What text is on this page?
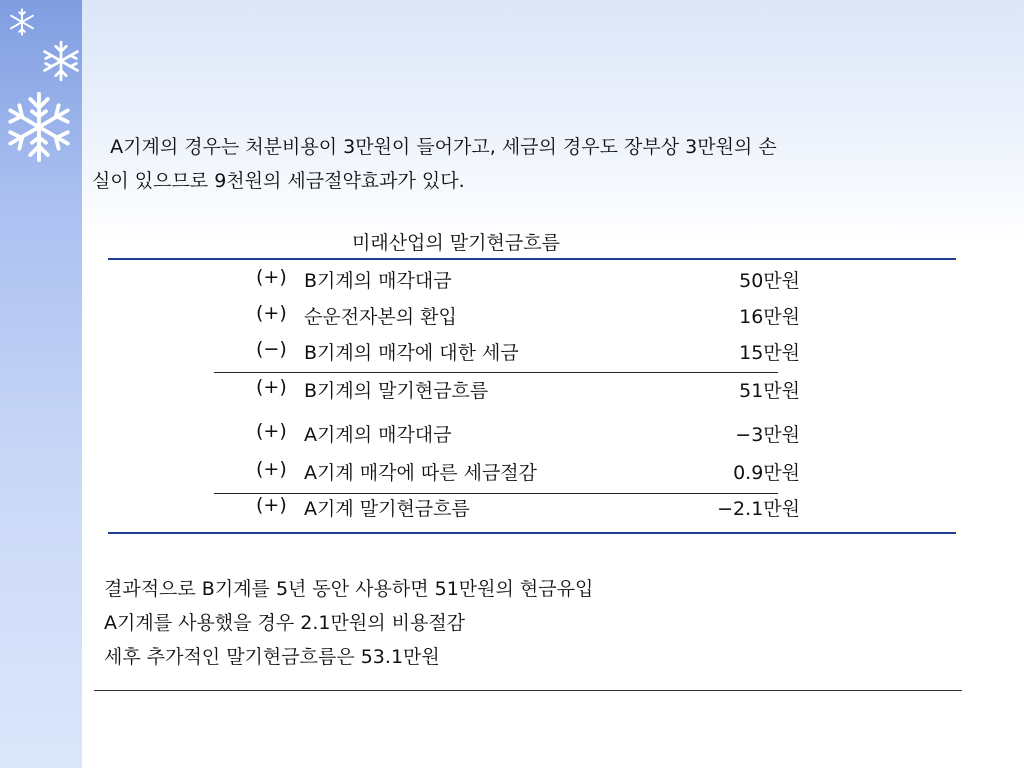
A기계의 경우는 처분비용이 3만원이 들어가고, 세금의 경우도 장부상 3만원의 손
실이 있으므로 9천원의 세금절약효과가 있다.
미래산업의 말기현금흐름
(+) B기계의 매각대금	50만원
(+) 순운전자본의 환입	16만원
(−) B기계의 매각에 대한 세금	15만원
(+) B기계의 말기현금흐름	51만원
(+) A기계의 매각대금	−3만원
(+) A기계 매각에 따른 세금절감	0.9만원
(+) A기계 말기현금흐름	−2.1만원
결과적으로 B기계를 5년 동안 사용하면 51만원의 현금유입
A기계를 사용했을 경우 2.1만원의 비용절감
세후 추가적인 말기현금흐름은 53.1만원
